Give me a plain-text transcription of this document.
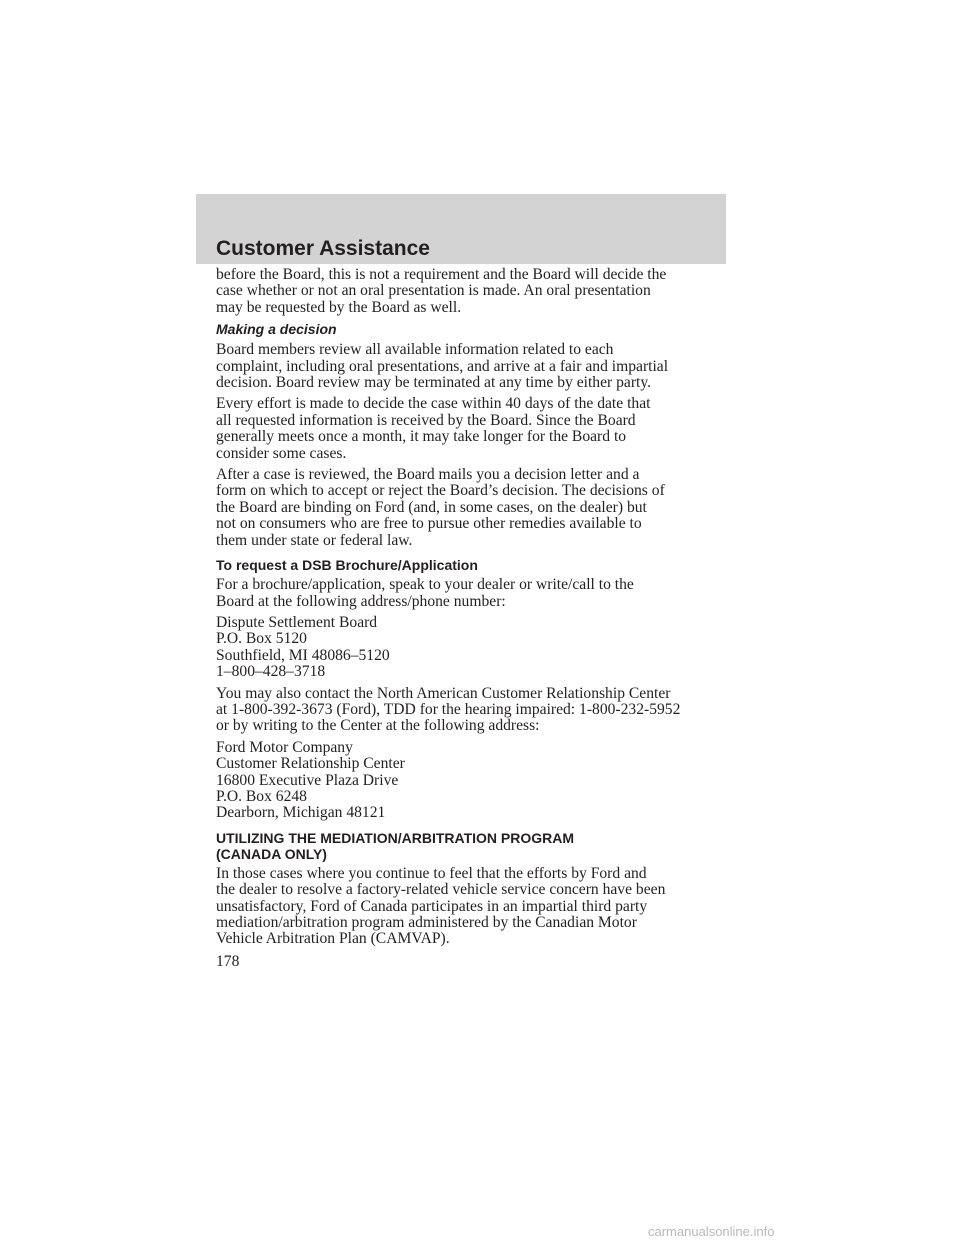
Customer Assistance

before the Board, this is not a requirement and the Board will decide the
case whether or not an oral presentation is made. An oral presentation
may be requested by the Board as well.

Making a decision

Board members review all available information related to each
complaint, including oral presentations, and arrive at a fair and impartial
decision. Board review may be terminated at any time by either party.

Every effort is made to decide the case within 40 days of the date that
all requested information is received by the Board. Since the Board
generally meets once a month, it may take longer for the Board to
consider some cases.

After a case is reviewed, the Board mails you a decision letter and a
form on which to accept or reject the Board’s decision. The decisions of
the Board are binding on Ford (and, in some cases, on the dealer) but
not on consumers who are free to pursue other remedies available to
them under state or federal law.

To request a DSB Brochure/Application

For a brochure/application, speak to your dealer or write/call to the
Board at the following address/phone number:

Dispute Settlement Board
P.O. Box 5120
Southfield, MI 48086–5120
1–800–428–3718

You may also contact the North American Customer Relationship Center
at 1-800-392-3673 (Ford), TDD for the hearing impaired: 1-800-232-5952
or by writing to the Center at the following address:

Ford Motor Company
Customer Relationship Center
16800 Executive Plaza Drive
P.O. Box 6248
Dearborn, Michigan 48121

UTILIZING THE MEDIATION/ARBITRATION PROGRAM
(CANADA ONLY)

In those cases where you continue to feel that the efforts by Ford and
the dealer to resolve a factory-related vehicle service concern have been
unsatisfactory, Ford of Canada participates in an impartial third party
mediation/arbitration program administered by the Canadian Motor
Vehicle Arbitration Plan (CAMVAP).

178

carmanualsonline.info
